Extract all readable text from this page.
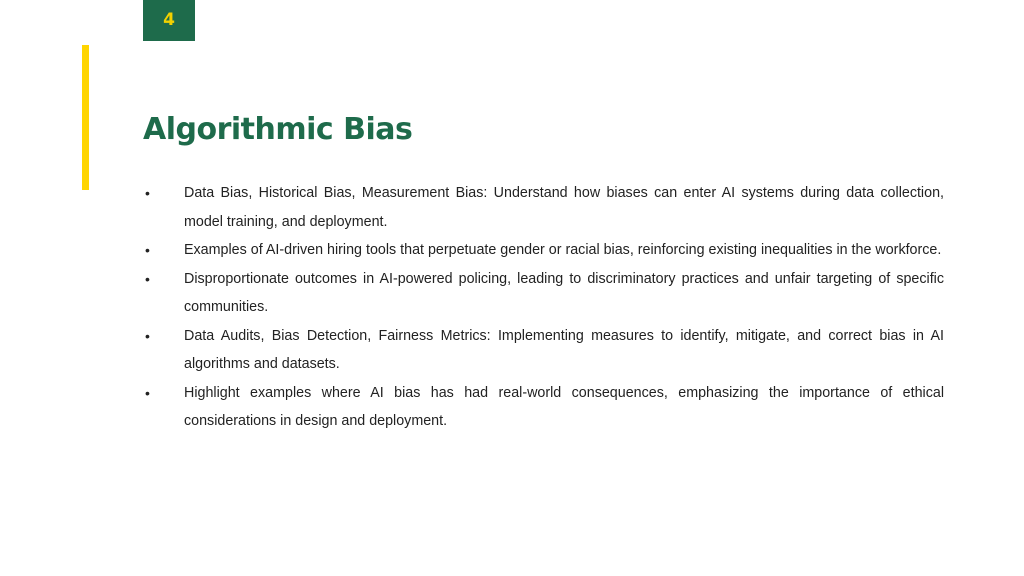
4
Algorithmic Bias
• Data Bias, Historical Bias, Measurement Bias: Understand how biases can enter AI systems during data collection, model training, and deployment.
• Examples of AI-driven hiring tools that perpetuate gender or racial bias, reinforcing existing inequalities in the workforce.
• Disproportionate outcomes in AI-powered policing, leading to discriminatory practices and unfair targeting of specific communities.
• Data Audits, Bias Detection, Fairness Metrics: Implementing measures to identify, mitigate, and correct bias in AI algorithms and datasets.
• Highlight examples where AI bias has had real-world consequences, emphasizing the importance of ethical considerations in design and deployment.
